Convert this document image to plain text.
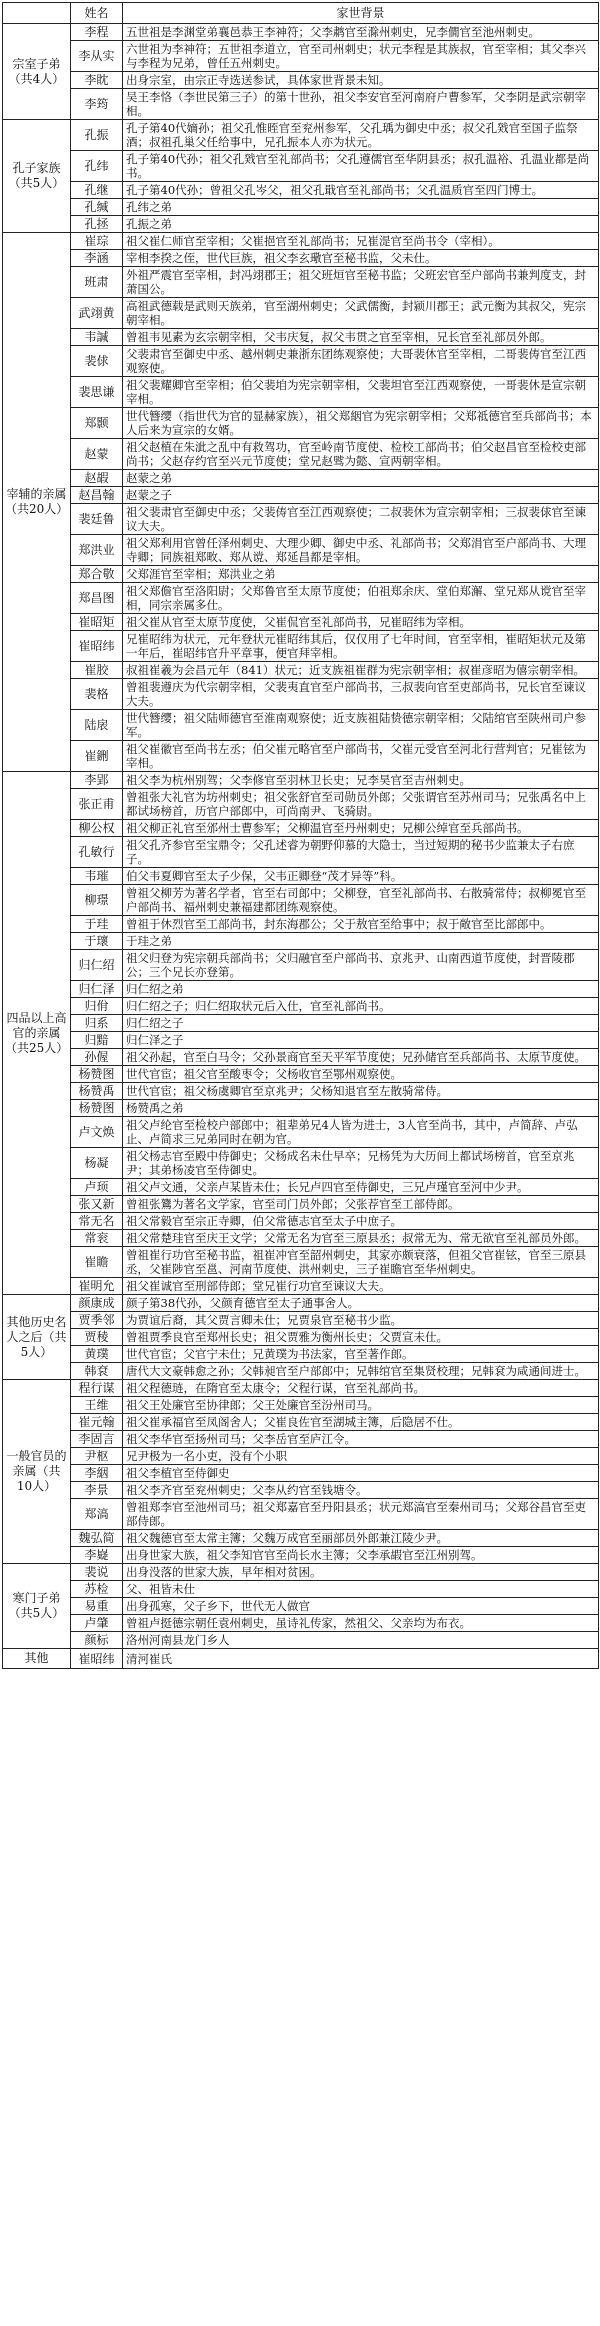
	姓名	家世背景
宗室子弟（共4人）	李程	五世祖是李渊堂弟襄邑恭王李神符；父李鹔官至滁州刺史，兄李僩官至池州刺史。
	李从实	六世祖为李神符；五世祖李道立，官至司州刺史；状元李程是其族叔，官至宰相；其父李兴与李程为兄弟，曾任五州刺史。
	李眈	出身宗室，由宗正寺选送参试，具体家世背景未知。
	李筠	吴王李恪（李世民第三子）的第十世孙，祖父李安官至河南府户曹参军，父李阴是武宗朝宰相。
孔子家族（共5人）	孔振	孔子第40代嫡孙；祖父孔惟晊官至兖州参军，父孔瑀为御史中丞；叔父孔戣官至国子监祭酒；叔祖孔巢父任给事中，兄孔振本人亦为状元。
	孔纬	孔子第40代孙；祖父孔戣官至礼部尚书；父孔遵儒官至华阴县丞；叔孔温裕、孔温业都是尚书。
	孔继	孔子第40代孙；曾祖父孔岑父，祖父孔戢官至礼部尚书；父孔温质官至四门博士。
	孔缄	孔纬之弟
	孔拯	孔振之弟
宰辅的亲属（共20人）	崔琮	祖父崔仁师官至宰相；父崔挹官至礼部尚书；兄崔湜官至尚书令（宰相）。
	李涵	宰相李揆之侄，世代巨族，祖父李玄璥官至秘书监，父未仕。
	班肃	外祖严震官至宰相，封冯翊郡王；祖父班烜官至秘书监；父班宏官至户部尚书兼判度支，封萧国公。
	武翊黄	高祖武德载是武则天族弟，官至湖州刺史；父武儒衡，封颍川郡王；武元衡为其叔父，宪宗朝宰相。
	韦諴	曾祖韦见素为玄宗朝宰相，父韦庆复，叔父韦贯之官至宰相，兄长官至礼部员外郎。
	裴俅	父裴肃官至御史中丞、越州刺史兼浙东团练观察使；大哥裴休官至宰相，二哥裴俦官至江西观察使。
	裴思谦	祖父裴耀卿官至宰相；伯父裴垍为宪宗朝宰相，父裴坦官至江西观察使，一哥裴休是宣宗朝宰相。
	郑颢	世代簪缨（指世代为官的显赫家族），祖父郑絪官为宪宗朝宰相；父郑祗德官至兵部尚书；本人后来为宣宗的女婿。
	赵蒙	祖父赵植在朱泚之乱中有救驾功，官至岭南节度使、检校工部尚书；伯父赵昌官至检校吏部尚书；父赵存约官至兴元节度使；堂兄赵骘为懿、宣两朝宰相。
	赵嘏	赵蒙之弟
	赵昌翰	赵蒙之子
	裴廷鲁	祖父裴肃官至御史中丞；父裴俦官至江西观察使；二叔裴休为宣宗朝宰相；三叔裴俅官至谏议大夫。
	郑洪业	祖父郑利用官曾任泽州刺史、大理少卿、御史中丞、礼部尚书；父郑涓官至户部尚书、大理寺卿；同族祖郑畋、郑从谠、郑延昌都是宰相。
	郑合敬	父郑涯官至宰相；郑洪业之弟
	郑昌图	祖父郑儋官至洛阳尉；父郑鲁官至太原节度使；伯祖郑余庆、堂伯郑澥、堂兄郑从谠官至宰相，同宗亲属多仕。
	崔昭矩	祖父崔从官至太原节度使，父崔侃官至礼部尚书，兄崔昭纬为宰相。
	崔昭纬	兄崔昭纬为状元，元年登状元崔昭纬其后，仅仅用了七年时间，官至宰相，崔昭矩状元及第一年后，崔昭纬官升平章事，便官拜宰相。
	崔胶	叔祖崔羲为会昌元年（841）状元；近支族祖崔群为宪宗朝宰相；叔崔彦昭为僖宗朝宰相。
	裴格	曾祖裴遵庆为代宗朝宰相，父裴夷直官至户部尚书，三叔裴向官至吏部尚书，兄长官至谏议大夫。
	陆扆	世代簪缨；祖父陆师德官至淮南观察使；近支族祖陆贽德宗朝宰相；父陆绾官至陕州司户参军。
	崔鉶	祖父崔徽官至尚书左丞；伯父崔元略官至户部尚书，父崔元受官至河北行营判官；兄崔铉为宰相。
四品以上高官的亲属（共25人）	李郢	祖父李为杭州别驾；父李修官至羽林卫长史；兄李昊官至吉州刺史。
	张正甫	曾祖张大礼官为坊州刺史；祖父张舒官至司勋员外郎；父张谓官至苏州司马；兄张禹名中上都试场榜首，历官户部郎中，可尚南尹、飞骑尉。
	柳公权	祖父柳正礼官至邠州士曹参军；父柳温官至丹州刺史；兄柳公绰官至兵部尚书。
	孔敏行	祖父孔齐参官至宝鼎令；父孔述睿为朝野仰慕的大隐士，当过短期的秘书少监兼太子右庶子。
	韦璀	伯父韦夏卿官至太子少保，父韦正卿登“茂才异等”科。
	柳璟	曾祖父柳芳为著名学者，官至右司郎中；父柳登，官至礼部尚书、右散骑常侍；叔柳冕官至户部尚书、福州刺史兼福建都团练观察使。
	于珪	曾祖于休烈官至工部尚书，封东海郡公；父于敖官至给事中；叔于敞官至比部郎中。
	于瓌	于珪之弟
	归仁绍	祖父归登为宪宗朝兵部尚书；父归融官至户部尚书、京兆尹、山南西道节度使，封晋陵郡公；三个兄长亦登第。
	归仁泽	归仁绍之弟
	归佾	归仁绍之子；归仁绍取状元后入仕，官至礼部尚书。
	归系	归仁绍之子
	归黯	归仁泽之子
	孙偓	祖父孙起，官至白马令；父孙景商官至天平军节度使；兄孙储官至兵部尚书、太原节度使。
	杨赞图	世代官宦；祖父官至酸枣令；父杨收官至鄂州观察使。
	杨赞禹	世代官宦；祖父杨虞卿官至京兆尹；父杨知退官至左散骑常侍。
	杨赞图	杨赞禹之弟
	卢文焕	祖父卢纶官至检校户部郎中；祖辈弟兄4人皆为进士，3人官至尚书，其中，卢简辞、卢弘止、卢简求三兄弟同时在朝为官。
	杨凝	祖父杨志官至殿中侍御史；父杨成名未仕早卒；兄杨凭为大历间上都试场榜首，官至京兆尹；其弟杨凌官至侍御史。
	卢顼	祖父卢文通，父亲卢某皆未仕；长兄卢四官至侍御史，三兄卢瑾官至河中少尹。
	张又新	曾祖张鷟为著名文学家，官至司门员外郎；父张荐官至工部侍郎。
	常无名	祖父常毅官至宗正寺卿，伯父常德志官至太子中庶子。
	常衮	祖父常楚珪官至庆王文学；父常无名为官至三原县丞；叔常无为、常无欲官至礼部员外郎。
	崔瞻	曾祖崔行功官至秘书监，祖崔冲官至韶州刺史，其家亦颇衰落，但祖父官崔铉，官至三原县丞，父崔陟官至邕、河南节度使、洪州刺史，三子崔瞻官至华州刺史。
	崔明允	祖父崔诚官至刑部侍郎；堂兄崔行功官至谏议大夫。
其他历史名人之后（共5人）	颜康成	颜子第38代孙，父颜育德官至太子通事舍人。
	贾季邻	为贾谊后裔，其父贾言卿未仕；兄贾泉官至秘书少监。
	贾稜	曾祖贾季良官至郑州长史；祖父贾雅为衡州长史；父贾宣未仕。
	黄璞	世代官宦；父官宁未仕；兄黄璞为书法家，官至著作郎。
	韩袞	唐代大文豪韩愈之孙；父韩昶官至户部郎中；兄韩绾官至集贤校理；兄韩袞为咸通间进士。
一般官员的亲属（共10人）	程行谋	祖父程德琏，在隋官至太康令；父程行谋，官至礼部尚书。
	王维	祖父王处廉官至协律郎；父王处廉官至汾州司马。
	崔元翰	祖父崔承福官至凤阁舍人；父崔良佐官至湖城主簿，后隐居不仕。
	李固言	祖父李华官至扬州司马；父李岳官至庐江令。
	尹枢	兄尹极为一名小吏，没有个小职
	李絪	祖父李植官至侍御史
	李景	祖父李齐官至兖州刺史；父李从约官至钱塘令。
	郑滈	曾祖郑李官至池州司马；祖父郑嘉官至丹阳县丞；状元郑滈官至秦州司马；父郑谷昌官至吏部侍郎。
	魏弘简	祖父魏德官至太常主簿；父魏万成官至丽部员外郎兼江陵少尹。
	李嶷	出身世家大族，祖父李知官官至尚长水主簿；父李承嘏官至江州别驾。
寒门子弟（共5人）	裴说	出身没落的世家大族，早年相对贫困。
	苏检	父、祖皆未仕
	易重	出身孤寒，父子乡下，世代无人做官
	卢肇	曾祖卢挺德宗朝任袁州刺史，虽诗礼传家，然祖父、父亲均为布衣。
	颜标	洛州河南县龙门乡人
其他	崔昭纬	清河崔氏
